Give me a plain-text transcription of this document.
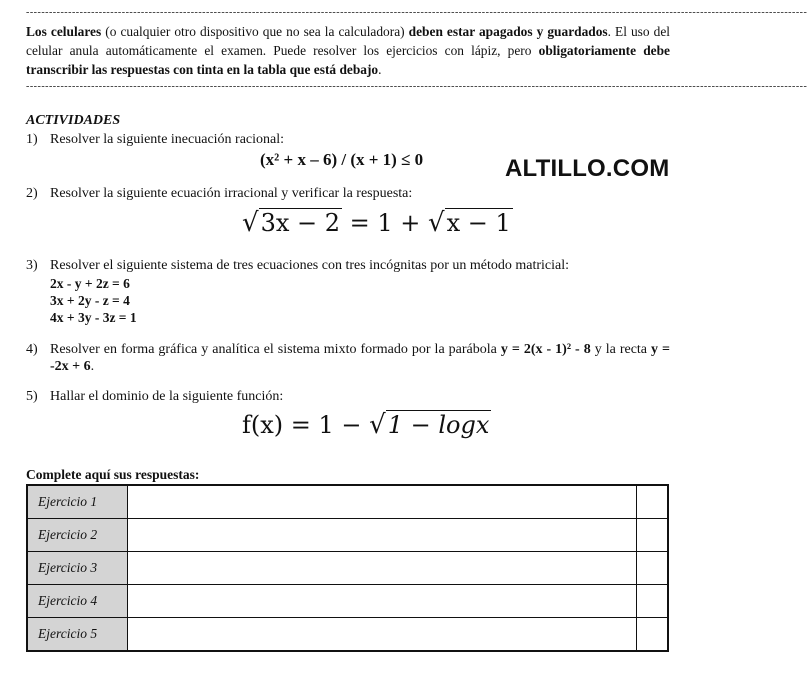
------------------------------------------------------------------------------------------------------------------------------------------------------------------------------------------------------------
Los celulares (o cualquier otro dispositivo que no sea la calculadora) deben estar apagados y guardados. El uso del celular anula automáticamente el examen. Puede resolver los ejercicios con lápiz, pero obligatoriamente debe transcribir las respuestas con tinta en la tabla que está debajo.
------------------------------------------------------------------------------------------------------------------------------------------------------------------------------------------------------------
ACTIVIDADES
ALTILLO.COM
1) Resolver la siguiente inecuación racional:
(x² + x – 6) / (x + 1) ≤ 0
2) Resolver la siguiente ecuación irracional y verificar la respuesta:
√3x − 2 = 1 + √x − 1
3) Resolver el siguiente sistema de tres ecuaciones con tres incógnitas por un método matricial:
2x - y + 2z = 6
3x + 2y - z = 4
4x + 3y - 3z = 1
4) Resolver en forma gráfica y analítica el sistema mixto formado por la parábola y = 2(x - 1)² - 8 y la recta y = -2x + 6.
5) Hallar el dominio de la siguiente función:
f(x) = 1 − √1 − logx
Complete aquí sus respuestas:
Ejercicio 1		
Ejercicio 2		
Ejercicio 3		
Ejercicio 4		
Ejercicio 5		
